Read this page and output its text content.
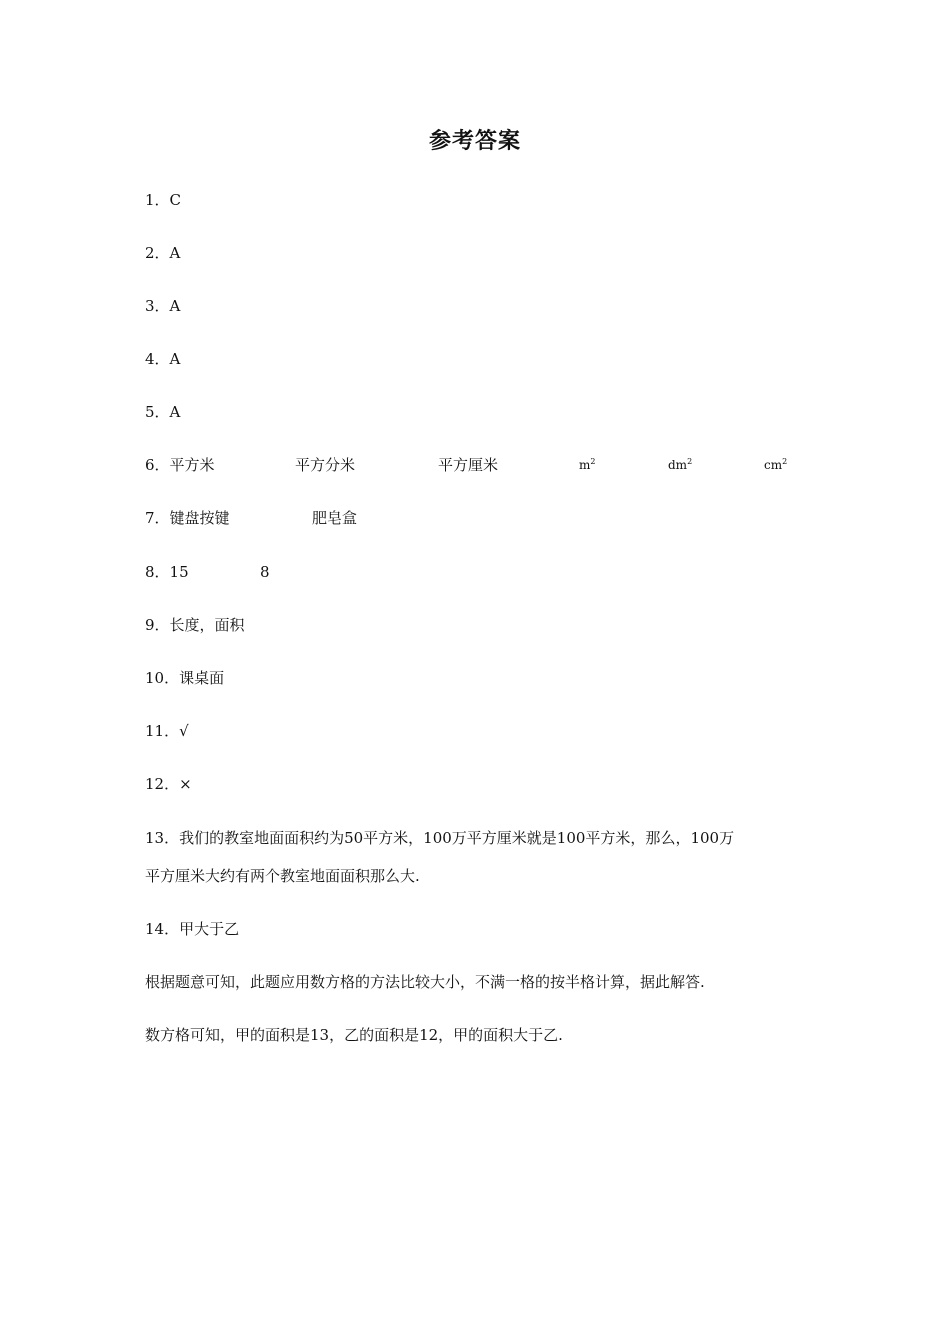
参考答案
1．C
2．A
3．A
4．A
5．A
6．平方米	平方分米	平方厘米	$m^2$	$dm^2$	$cm^2$
7．键盘按键	肥皂盒
8．15	8
9．长度，面积
10．课桌面
11．√
12．×
13．我们的教室地面面积约为50平方米，100万平方厘米就是100平方米，那么，100万
平方厘米大约有两个教室地面面积那么大.
14．甲大于乙
根据题意可知，此题应用数方格的方法比较大小，不满一格的按半格计算，据此解答.
数方格可知，甲的面积是13，乙的面积是12，甲的面积大于乙.
